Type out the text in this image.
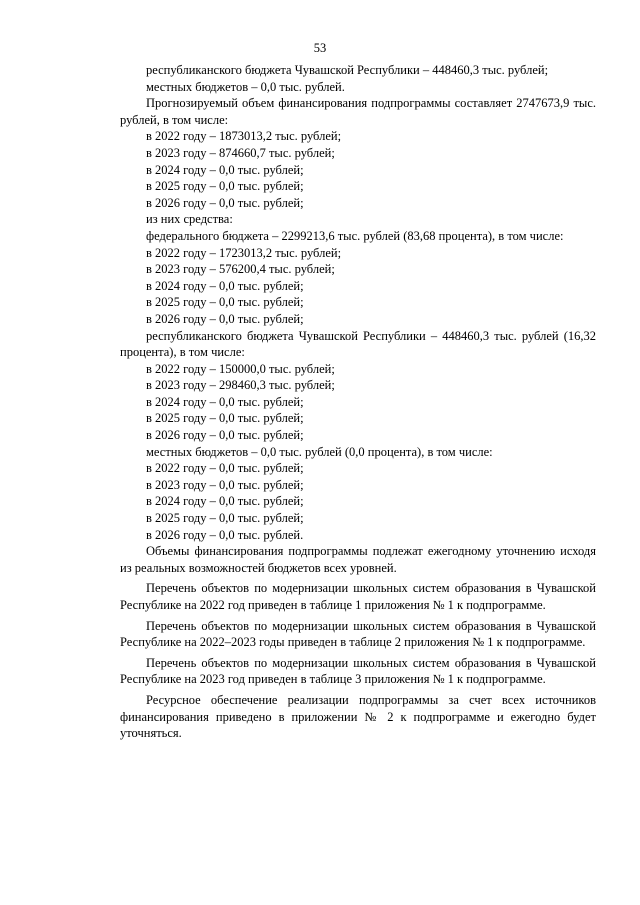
53

республиканского бюджета Чувашской Республики – 448460,3 тыс. рублей;

местных бюджетов – 0,0 тыс. рублей.

Прогнозируемый объем финансирования подпрограммы составляет 2747673,9 тыс. рублей, в том числе:

в 2022 году – 1873013,2 тыс. рублей;

в 2023 году – 874660,7 тыс. рублей;

в 2024 году – 0,0 тыс. рублей;

в 2025 году – 0,0 тыс. рублей;

в 2026 году – 0,0 тыс. рублей;

из них средства:

федерального бюджета – 2299213,6 тыс. рублей (83,68 процента), в том числе:

в 2022 году – 1723013,2 тыс. рублей;

в 2023 году – 576200,4 тыс. рублей;

в 2024 году – 0,0 тыс. рублей;

в 2025 году – 0,0 тыс. рублей;

в 2026 году – 0,0 тыс. рублей;

республиканского бюджета Чувашской Республики – 448460,3 тыс. рублей (16,32 процента), в том числе:

в 2022 году – 150000,0 тыс. рублей;

в 2023 году – 298460,3 тыс. рублей;

в 2024 году – 0,0 тыс. рублей;

в 2025 году – 0,0 тыс. рублей;

в 2026 году – 0,0 тыс. рублей;

местных бюджетов – 0,0 тыс. рублей (0,0 процента), в том числе:

в 2022 году – 0,0 тыс. рублей;

в 2023 году – 0,0 тыс. рублей;

в 2024 году – 0,0 тыс. рублей;

в 2025 году – 0,0 тыс. рублей;

в 2026 году – 0,0 тыс. рублей.

Объемы финансирования подпрограммы подлежат ежегодному уточнению исходя из реальных возможностей бюджетов всех уровней.

Перечень объектов по модернизации школьных систем образования в Чувашской Республике на 2022 год приведен в таблице 1 приложения № 1 к подпрограмме.

Перечень объектов по модернизации школьных систем образования в Чувашской Республике на 2022–2023 годы приведен в таблице 2 приложения № 1 к подпрограмме.

Перечень объектов по модернизации школьных систем образования в Чувашской Республике на 2023 год приведен в таблице 3 приложения № 1 к подпрограмме.

Ресурсное обеспечение реализации подпрограммы за счет всех источников финансирования приведено в приложении № 2 к подпрограмме и ежегодно будет уточняться.
